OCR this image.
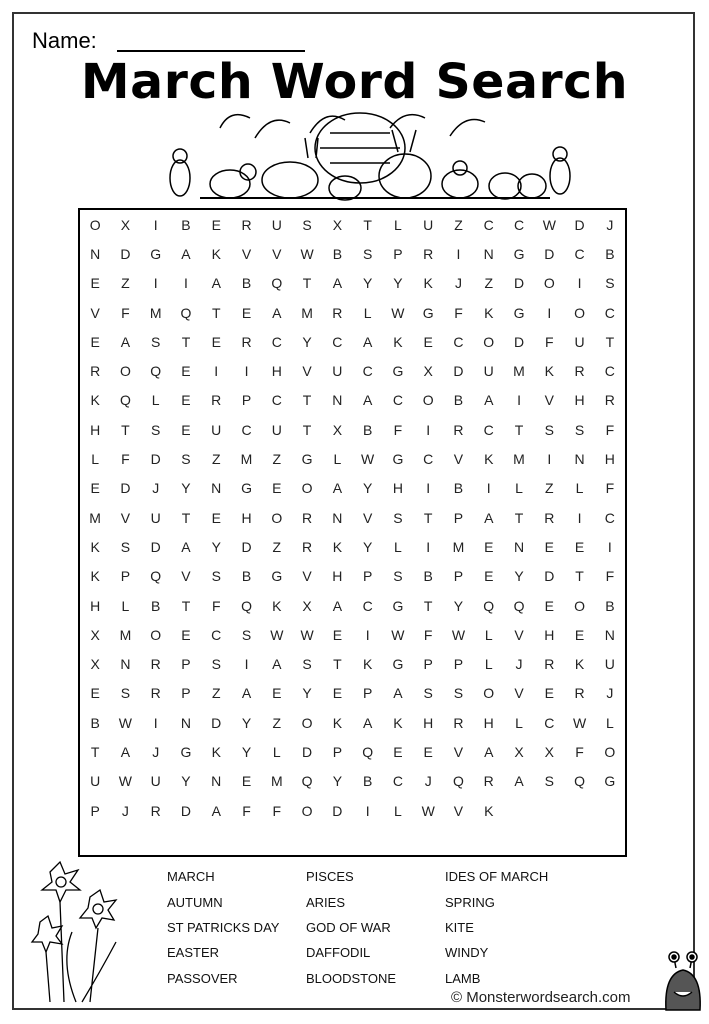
Name:
March Word Search
O	X	I	B	E	R	U	S	X	T	L	U	Z	C	C	W	D	J
N	D	G	A	K	V	V	W	B	S	P	R	I	N	G	D	C	B
E	Z	I	I	A	B	Q	T	A	Y	Y	K	J	Z	D	O	I	S
V	F	M	Q	T	E	A	M	R	L	W	G	F	K	G	I	O	C
E	A	S	T	E	R	C	Y	C	A	K	E	C	O	D	F	U	T
R	O	Q	E	I	I	H	V	U	C	G	X	D	U	M	K	R	C
K	Q	L	E	R	P	C	T	N	A	C	O	B	A	I	V	H	R
H	T	S	E	U	C	U	T	X	B	F	I	R	C	T	S	S	F
L	F	D	S	Z	M	Z	G	L	W	G	C	V	K	M	I	N	H
E	D	J	Y	N	G	E	O	A	Y	H	I	B	I	L	Z	L	F
M	V	U	T	E	H	O	R	N	V	S	T	P	A	T	R	I	C
K	S	D	A	Y	D	Z	R	K	Y	L	I	M	E	N	E	E	I
K	P	Q	V	S	B	G	V	H	P	S	B	P	E	Y	D	T	F
H	L	B	T	F	Q	K	X	A	C	G	T	Y	Q	Q	E	O	B
X	M	O	E	C	S	W	W	E	I	W	F	W	L	V	H	E	N
X	N	R	P	S	I	A	S	T	K	G	P	P	L	J	R	K	U
E	S	R	P	Z	A	E	Y	E	P	A	S	S	O	V	E	R	J
B	W	I	N	D	Y	Z	O	K	A	K	H	R	H	L	C	W	L
T	A	J	G	K	Y	L	D	P	Q	E	E	V	A	X	X	F	O
U	W	U	Y	N	E	M	Q	Y	B	C	J	Q	R	A	S	Q	G
P	J	R	D	A	F	F	O	D	I	L	W	V	K
MARCH	PISCES	IDES OF MARCH
AUTUMN	ARIES	SPRING
ST PATRICKS DAY	GOD OF WAR	KITE
EASTER	DAFFODIL	WINDY
PASSOVER	BLOODSTONE	LAMB
© Monsterwordsearch.com
